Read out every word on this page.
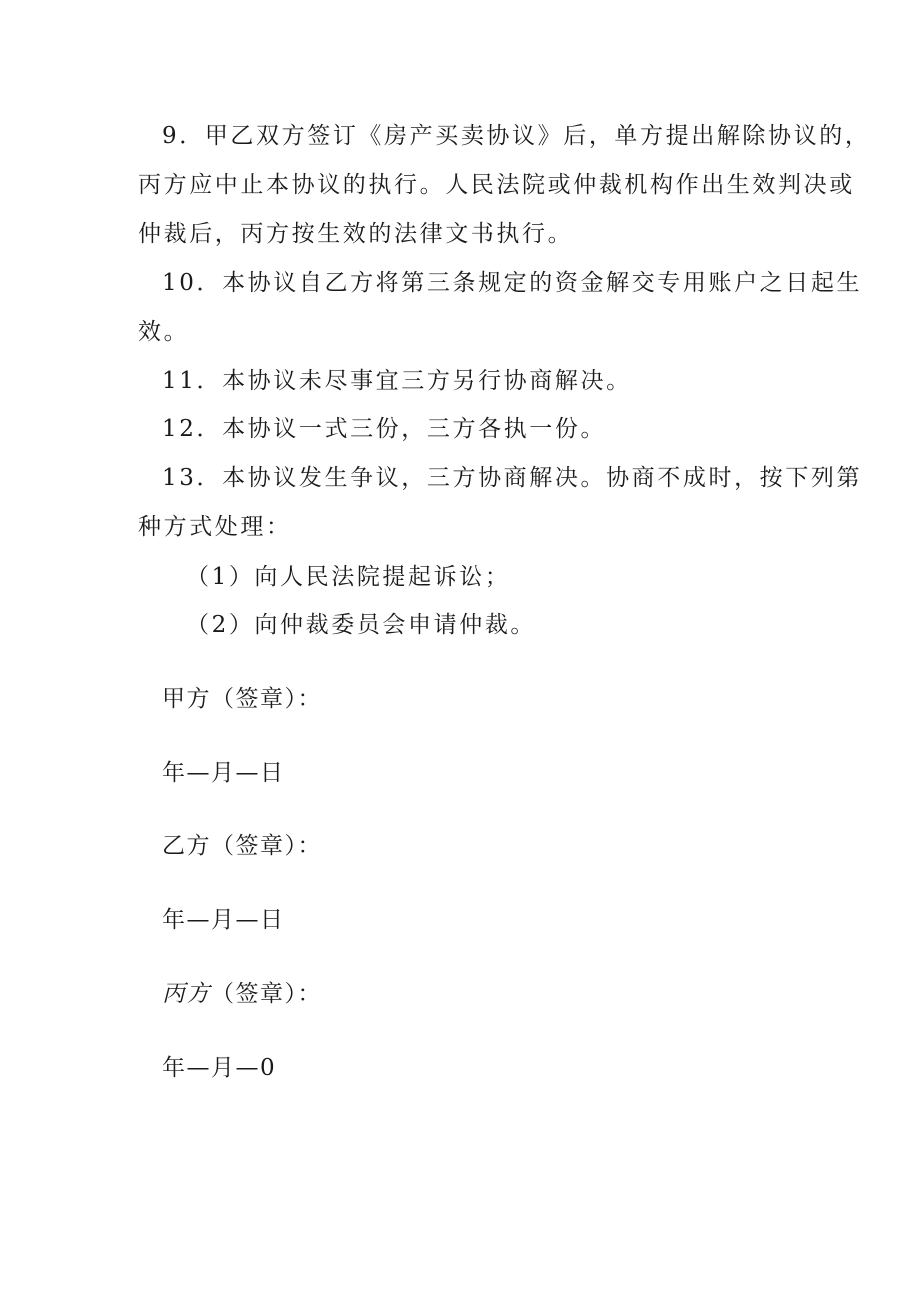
9．甲乙双方签订《房产买卖协议》后，单方提出解除协议的，
丙方应中止本协议的执行。人民法院或仲裁机构作出生效判决或
仲裁后，丙方按生效的法律文书执行。
10．本协议自乙方将第三条规定的资金解交专用账户之日起生
效。
11．本协议未尽事宜三方另行协商解决。
12．本协议一式三份，三方各执一份。
13．本协议发生争议，三方协商解决。协商不成时，按下列第
种方式处理：
（1）向人民法院提起诉讼；
（2）向仲裁委员会申请仲裁。
甲方（签章）：
年—月—日
乙方（签章）：
年—月—日
丙方（签章）：
年—月—0
